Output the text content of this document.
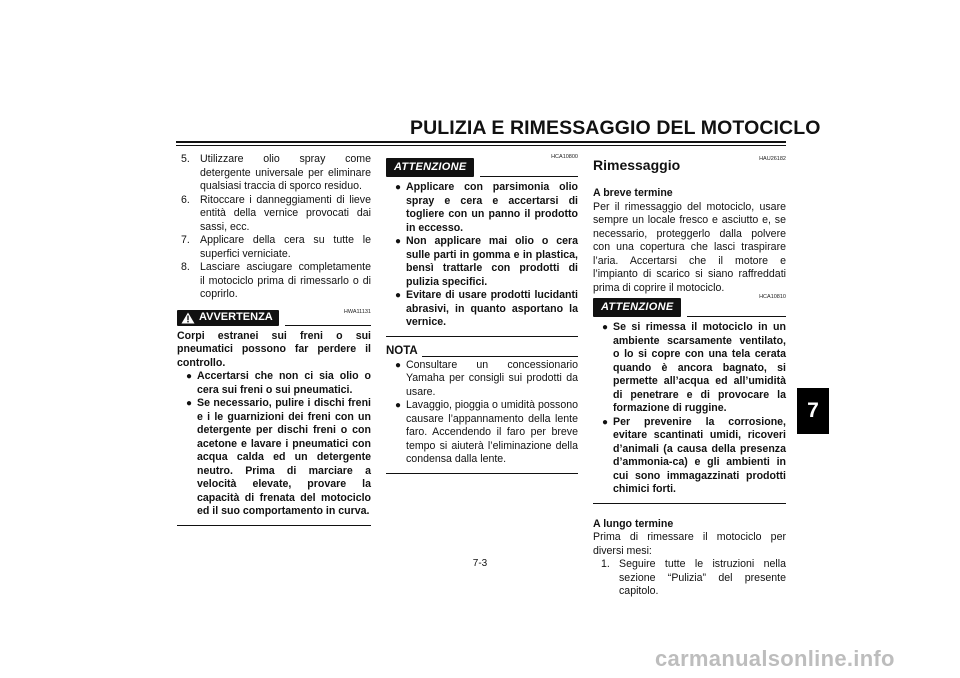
PULIZIA E RIMESSAGGIO DEL MOTOCICLO
7
5. Utilizzare olio spray come detergente universale per eliminare qualsiasi traccia di sporco residuo.
6. Ritoccare i danneggiamenti di lieve entità della vernice provocati dai sassi, ecc.
7. Applicare della cera su tutte le superfici verniciate.
8. Lasciare asciugare completamente il motociclo prima di rimessarlo o di coprirlo.
AVVERTENZA	HWA11131
Corpi estranei sui freni o sui pneumatici possono far perdere il controllo.
● Accertarsi che non ci sia olio o cera sui freni o sui pneumatici.
● Se necessario, pulire i dischi freni e i le guarnizioni dei freni con un detergente per dischi freni o con acetone e lavare i pneumatici con acqua calda ed un detergente neutro. Prima di marciare a velocità elevate, provare la capacità di frenata del motociclo ed il suo comportamento in curva.
ATTENZIONE
HCA10800
● Applicare con parsimonia olio spray e cera e accertarsi di togliere con un panno il prodotto in eccesso.
● Non applicare mai olio o cera sulle parti in gomma e in plastica, bensì trattarle con prodotti di pulizia specifici.
● Evitare di usare prodotti lucidanti abrasivi, in quanto asportano la vernice.
NOTA
● Consultare un concessionario Yamaha per consigli sui prodotti da usare.
● Lavaggio, pioggia o umidità possono causare l’appannamento della lente faro. Accendendo il faro per breve tempo si aiuterà l’eliminazione della condensa dalla lente.
HAU26182
Rimessaggio
A breve termine
Per il rimessaggio del motociclo, usare sempre un locale fresco e asciutto e, se necessario, proteggerlo dalla polvere con una copertura che lasci traspirare l’aria. Accertarsi che il motore e l’impianto di scarico si siano raffreddati prima di coprire il motociclo.
ATTENZIONE
HCA10810
● Se si rimessa il motociclo in un ambiente scarsamente ventilato, o lo si copre con una tela cerata quando è ancora bagnato, si permette all’acqua ed all’umidità di penetrare e di provocare la formazione di ruggine.
● Per prevenire la corrosione, evitare scantinati umidi, ricoveri d’animali (a causa della presenza d’ammonia-ca) e gli ambienti in cui sono immagazzinati prodotti chimici forti.
A lungo termine
Prima di rimessare il motociclo per diversi mesi:
1. Seguire tutte le istruzioni nella sezione “Pulizia” del presente capitolo.
7-3
carmanualsonline.info
